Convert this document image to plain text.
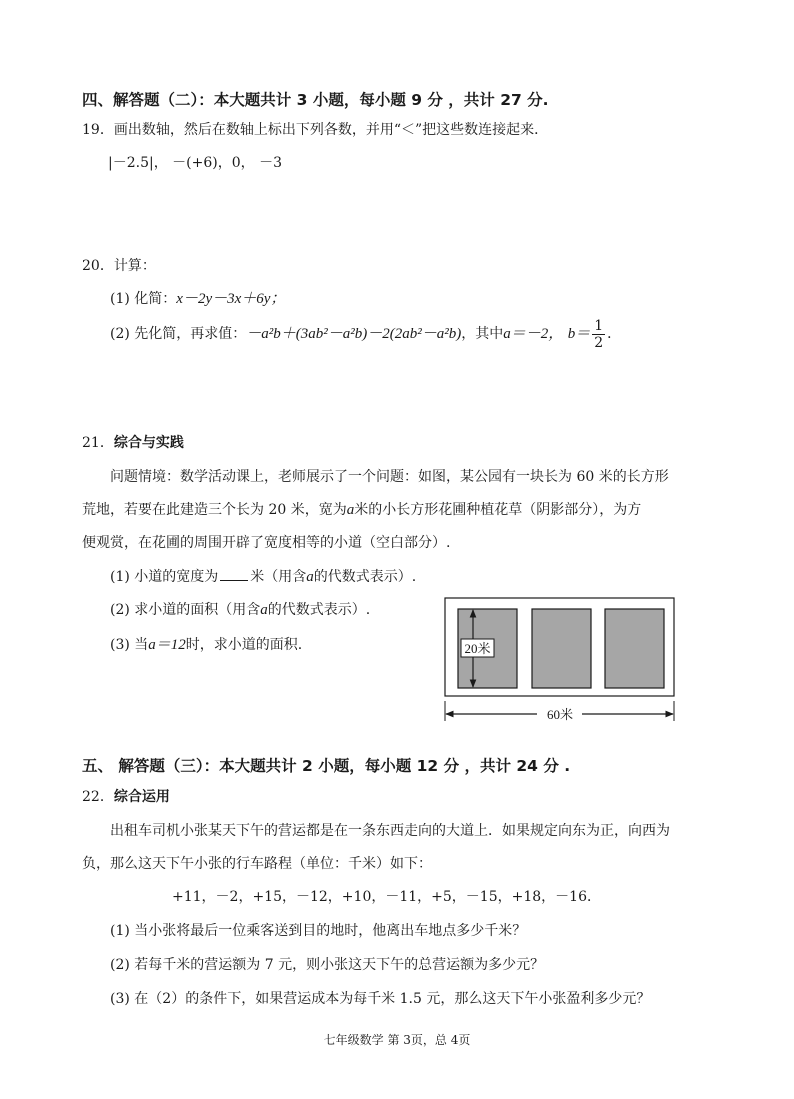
四、解答题（二）：本大题共计 3 小题，每小题 9 分 ，共计 27 分.
19．画出数轴，然后在数轴上标出下列各数，并用“＜”把这些数连接起来．
|－2.5|， －(+6)，0， －3
20．计算：
(1) 化简：x－2y－3x＋6y；
(2) 先化简，再求值：－a²b＋(3ab²－a²b)－2(2ab²－a²b)，其中a＝－2， $b= \frac{1}{2}$ ．
21．综合与实践
问题情境：数学活动课上，老师展示了一个问题：如图，某公园有一块长为 60 米的长方形
荒地，若要在此建造三个长为 20 米，宽为a米的小长方形花圃种植花草（阴影部分），为方
便观赏，在花圃的周围开辟了宽度相等的小道（空白部分）.
(1) 小道的宽度为 米（用含a的代数式表示）.
(2) 求小道的面积（用含a的代数式表示）.
(3) 当a＝12时，求小道的面积.	20米
60米
五、 解答题（三）：本大题共计 2 小题，每小题 12 分 ，共计 24 分 .
22．综合运用
出租车司机小张某天下午的营运都是在一条东西走向的大道上．如果规定向东为正，向西为
负，那么这天下午小张的行车路程（单位：千米）如下：
+11，－2，+15，－12，+10，－11，+5，－15，+18，－16．
(1) 当小张将最后一位乘客送到目的地时，他离出车地点多少千米？
(2) 若每千米的营运额为 7 元，则小张这天下午的总营运额为多少元？
(3) 在（2）的条件下，如果营运成本为每千米 1.5 元，那么这天下午小张盈利多少元？
七年级数学 第 3页，总 4页
